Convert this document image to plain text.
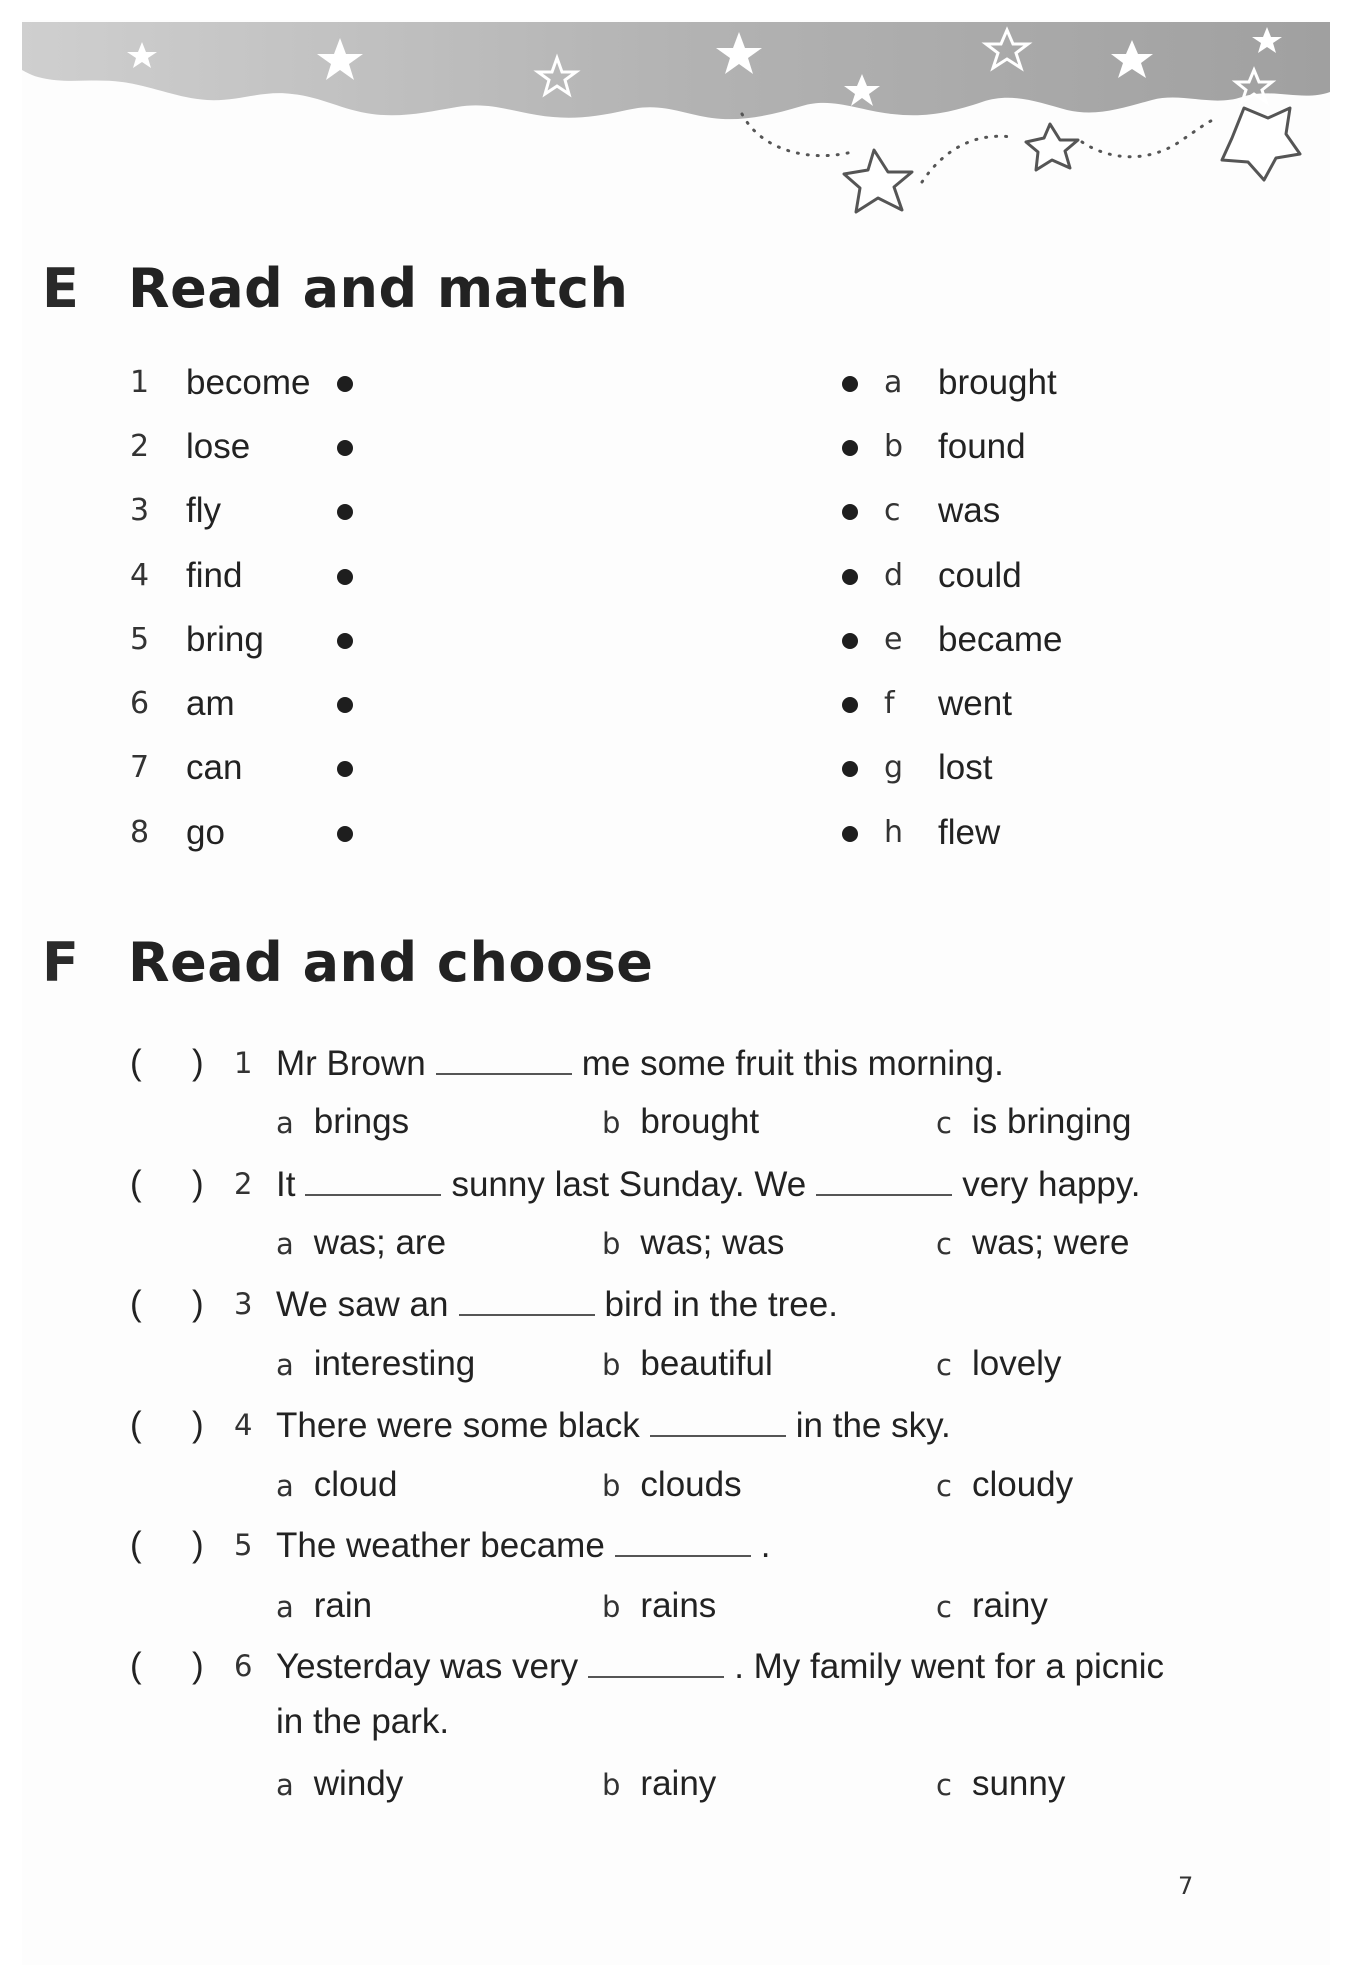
E Read and match
1 become
2 lose
3 fly
4 find
5 bring
6 am
7 can
8 go
a brought
b found
c was
d could
e became
f went
g lost
h flew
F Read and choose
( ) 1 Mr Brown	me some fruit this morning.
a brings	b brought	c is bringing
( ) 2 It	sunny last Sunday. We	very happy.
a was; are	b was; was	c was; were
( ) 3 We saw an	bird in the tree.
a interesting	b beautiful	c lovely
( ) 4 There were some black	in the sky.
a cloud	b clouds	c cloudy
( ) 5 The weather became	.
a rain	b rains	c rainy
( ) 6 Yesterday was very	. My family went for a picnic
in the park.
a windy	b rainy	c sunny
7
